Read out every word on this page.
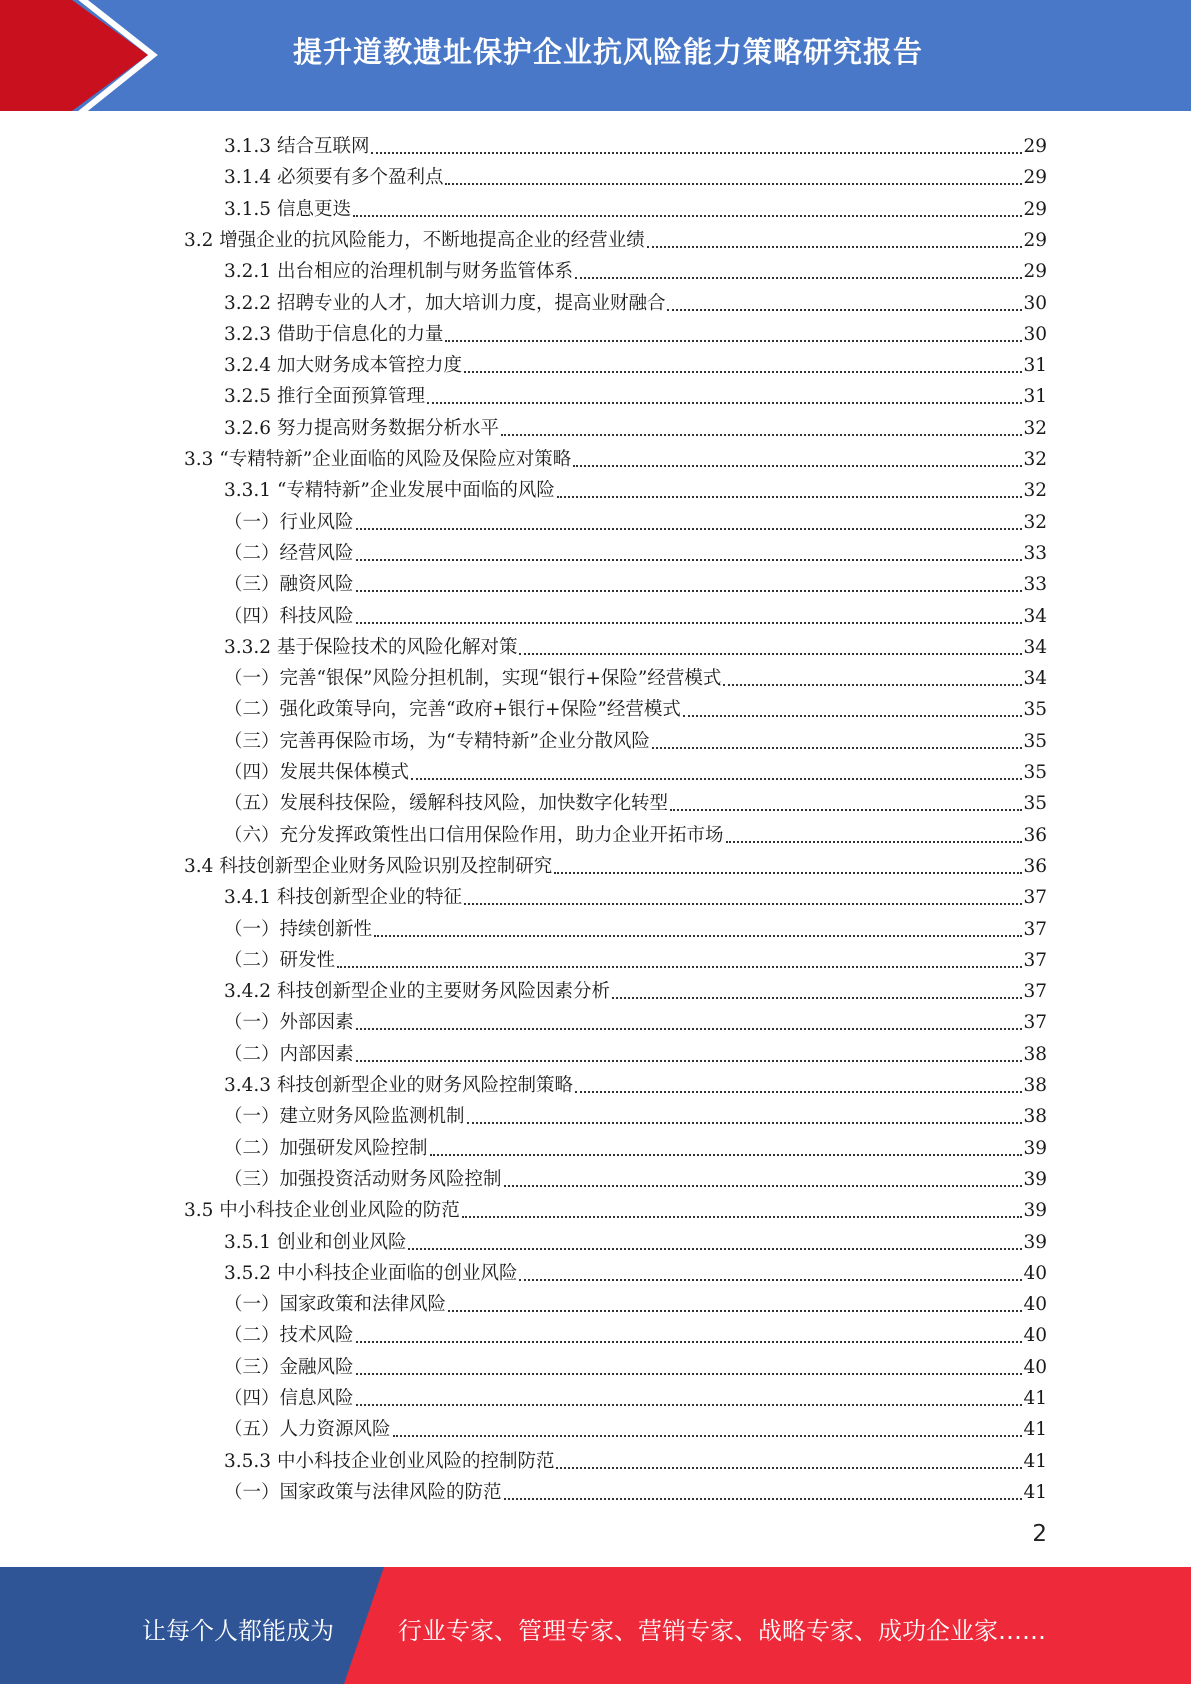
提升道教遗址保护企业抗风险能力策略研究报告
3.1.3 结合互联网	29
3.1.4 必须要有多个盈利点	29
3.1.5 信息更迭	29
3.2 增强企业的抗风险能力，不断地提高企业的经营业绩	29
3.2.1 出台相应的治理机制与财务监管体系	29
3.2.2 招聘专业的人才，加大培训力度，提高业财融合	30
3.2.3 借助于信息化的力量	30
3.2.4 加大财务成本管控力度	31
3.2.5 推行全面预算管理	31
3.2.6 努力提高财务数据分析水平	32
3.3 “专精特新”企业面临的风险及保险应对策略	32
3.3.1 “专精特新”企业发展中面临的风险	32
（一）行业风险	32
（二）经营风险	33
（三）融资风险	33
（四）科技风险	34
3.3.2 基于保险技术的风险化解对策	34
（一）完善“银保”风险分担机制，实现“银行+保险”经营模式	34
（二）强化政策导向，完善“政府+银行+保险”经营模式	35
（三）完善再保险市场，为“专精特新”企业分散风险	35
（四）发展共保体模式	35
（五）发展科技保险，缓解科技风险，加快数字化转型	35
（六）充分发挥政策性出口信用保险作用，助力企业开拓市场	36
3.4 科技创新型企业财务风险识别及控制研究	36
3.4.1 科技创新型企业的特征	37
（一）持续创新性	37
（二）研发性	37
3.4.2 科技创新型企业的主要财务风险因素分析	37
（一）外部因素	37
（二）内部因素	38
3.4.3 科技创新型企业的财务风险控制策略	38
（一）建立财务风险监测机制	38
（二）加强研发风险控制	39
（三）加强投资活动财务风险控制	39
3.5 中小科技企业创业风险的防范	39
3.5.1 创业和创业风险	39
3.5.2 中小科技企业面临的创业风险	40
（一）国家政策和法律风险	40
（二）技术风险	40
（三）金融风险	40
（四）信息风险	41
（五）人力资源风险	41
3.5.3 中小科技企业创业风险的控制防范	41
（一）国家政策与法律风险的防范	41
2
让每个人都能成为	行业专家、管理专家、营销专家、战略专家、成功企业家……
